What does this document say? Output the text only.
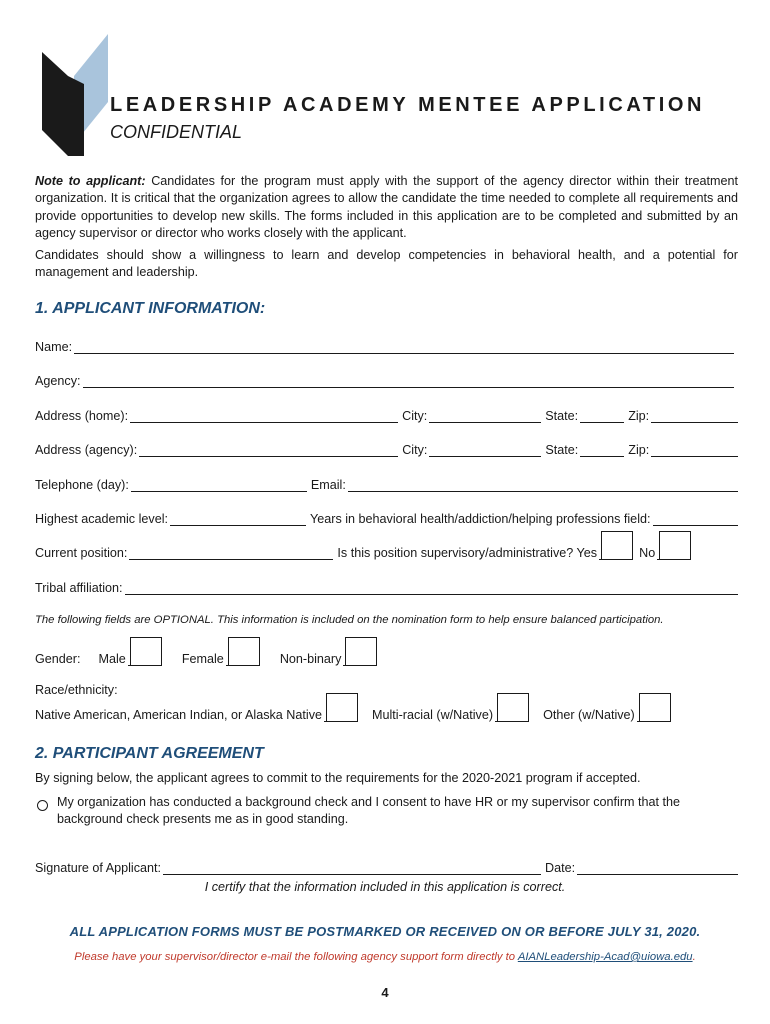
LEADERSHIP ACADEMY MENTEE APPLICATION
CONFIDENTIAL
Note to applicant: Candidates for the program must apply with the support of the agency director within their treatment organization. It is critical that the organization agrees to allow the candidate the time needed to complete all requirements and provide opportunities to develop new skills. The forms included in this application are to be completed and submitted by an agency supervisor or director who works closely with the applicant.
Candidates should show a willingness to learn and develop competencies in behavioral health, and a potential for management and leadership.
1. APPLICANT INFORMATION:
Name:
Agency:
Address (home):	City:	State:	Zip:
Address (agency):	City:	State:	Zip:
Telephone (day):	Email:
Highest academic level:	Years in behavioral health/addiction/helping professions field:
Current position:	Is this position supervisory/administrative? Yes	No
Tribal affiliation:
The following fields are OPTIONAL. This information is included on the nomination form to help ensure balanced participation.
Gender:	Male	Female	Non-binary
Race/ethnicity:
Native American, American Indian, or Alaska Native	Multi-racial (w/Native)	Other (w/Native)
2. PARTICIPANT AGREEMENT
By signing below, the applicant agrees to commit to the requirements for the 2020-2021 program if accepted.
My organization has conducted a background check and I consent to have HR or my supervisor confirm that the background check presents me as in good standing.
Signature of Applicant:	Date:
I certify that the information included in this application is correct.
ALL APPLICATION FORMS MUST BE POSTMARKED OR RECEIVED ON OR BEFORE JULY 31, 2020.
Please have your supervisor/director e-mail the following agency support form directly to AIANLeadership-Acad@uiowa.edu.
4
